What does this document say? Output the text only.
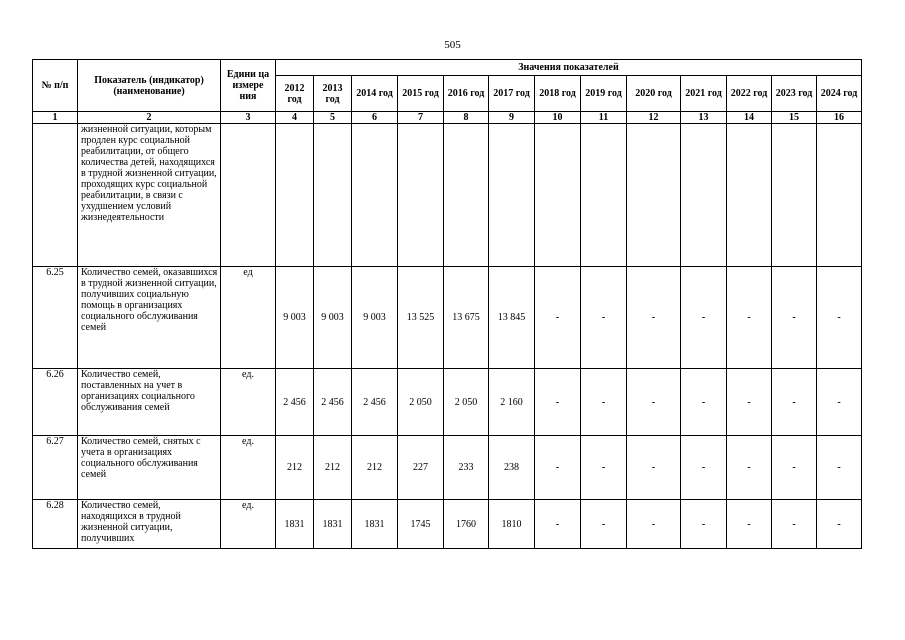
505
№ п/п	Показатель (индикатор) (наименование)	Едини ца измере ния	Значения показателей												
			2012 год	2013 год	2014 год	2015 год	2016 год	2017 год	2018 год	2019 год	2020 год	2021 год	2022 год	2023 год	2024 год
1	2	3	4	5	6	7	8	9	10	11	12	13	14	15	16
	жизненной ситуации, которым продлен курс социальной реабилитации, от общего количества детей, находящихся в трудной жизненной ситуации, проходящих курс социальной реабилитации, в связи с ухудшением условий жизнедеятельности														
6.25	Количество семей, оказавшихся в трудной жизненной ситуации, получивших социальную помощь в организациях социального обслуживания семей	ед	9 003	9 003	9 003	13 525	13 675	13 845	-	-	-	-	-	-	-
6.26	Количество семей, поставленных на учет в организациях социального обслуживания семей	ед.	2 456	2 456	2 456	2 050	2 050	2 160	-	-	-	-	-	-	-
6.27	Количество семей, снятых с учета в организациях социального обслуживания семей	ед.	212	212	212	227	233	238	-	-	-	-	-	-	-
6.28	Количество семей, находящихся в трудной жизненной ситуации, получивших	ед.	1831	1831	1831	1745	1760	1810	-	-	-	-	-	-	-
